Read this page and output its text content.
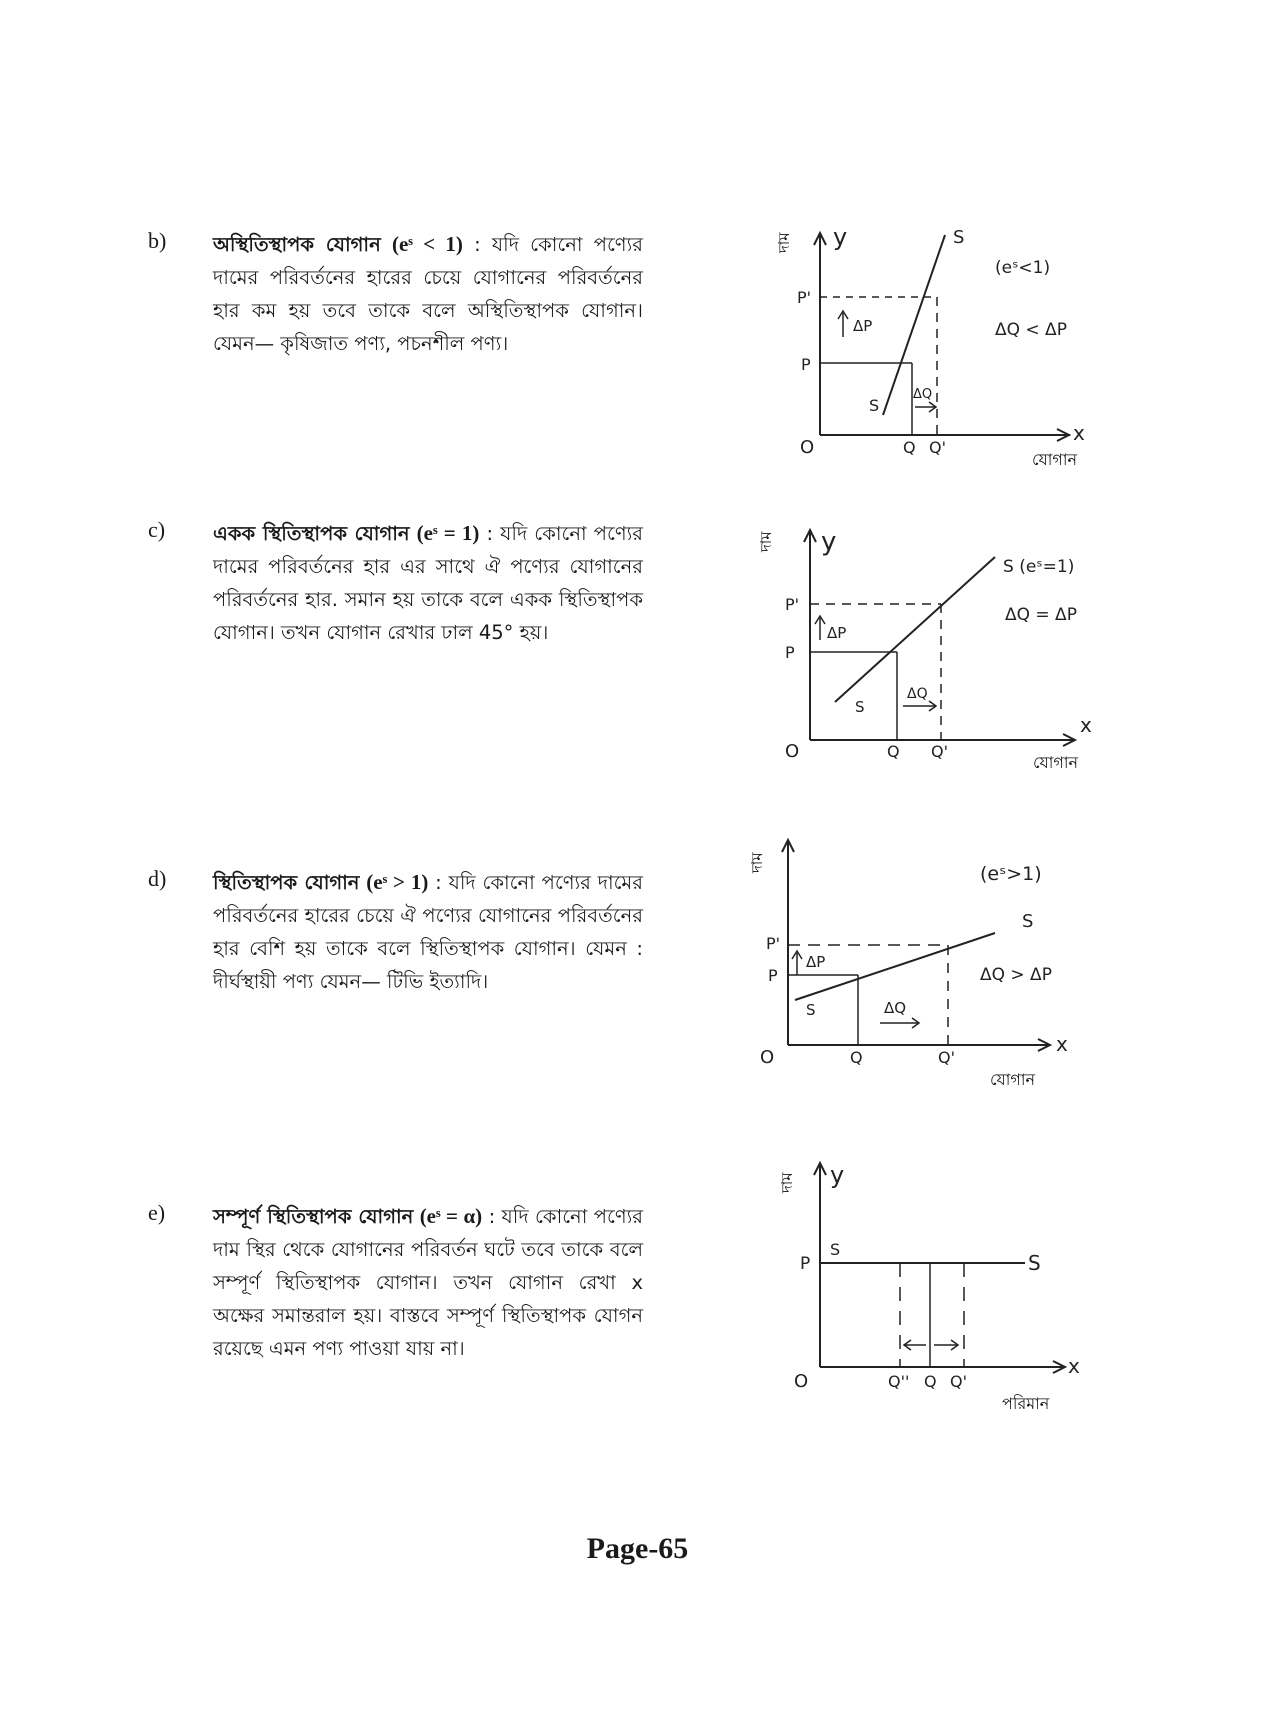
b) অস্থিতিস্থাপক যোগান (eˢ < 1) : যদি কোনো পণ্যের দামের পরিবর্তনের হারের চেয়ে যোগানের পরিবর্তনের হার কম হয় তবে তাকে বলে অস্থিতিস্থাপক যোগান। যেমন— কৃষিজাত পণ্য, পচনশীল পণ্য।
দাম y
x
O
P
P'
Q Q'
S
S
ΔP
ΔQ
(eˢ<1)
ΔQ < ΔP
যোগান
c) একক স্থিতিস্থাপক যোগান (eˢ = 1) : যদি কোনো পণ্যের দামের পরিবর্তনের হার এর সাথে ঐ পণ্যের যোগানের পরিবর্তনের হার. সমান হয় তাকে বলে একক স্থিতিস্থাপক যোগান। তখন যোগান রেখার ঢাল 45° হয়।
দাম y
x
O
P
P'
Q Q'
S (eˢ=1)
S
ΔP
ΔQ
ΔQ = ΔP
যোগান
d) স্থিতিস্থাপক যোগান (eˢ > 1) : যদি কোনো পণ্যের দামের পরিবর্তনের হারের চেয়ে ঐ পণ্যের যোগানের পরিবর্তনের হার বেশি হয় তাকে বলে স্থিতিস্থাপক যোগান। যেমন : দীর্ঘস্থায়ী পণ্য যেমন— টিভি ইত্যাদি।
দাম
x
O
P
P'
Q	Q'
S
S
ΔP
ΔQ
(eˢ>1)
ΔQ > ΔP
যোগান
e) সম্পূর্ণ স্থিতিস্থাপক যোগান (eˢ = α) : যদি কোনো পণ্যের দাম স্থির থেকে যোগানের পরিবর্তন ঘটে তবে তাকে বলে সম্পূর্ণ স্থিতিস্থাপক যোগান। তখন যোগান রেখা x অক্ষের সমান্তরাল হয়। বাস্তবে সম্পূর্ণ স্থিতিস্থাপক যোগন রয়েছে এমন পণ্য পাওয়া যায় না।
দাম y
x
O
P
Q'' Q Q'
S
S
পরিমান
Page-65
